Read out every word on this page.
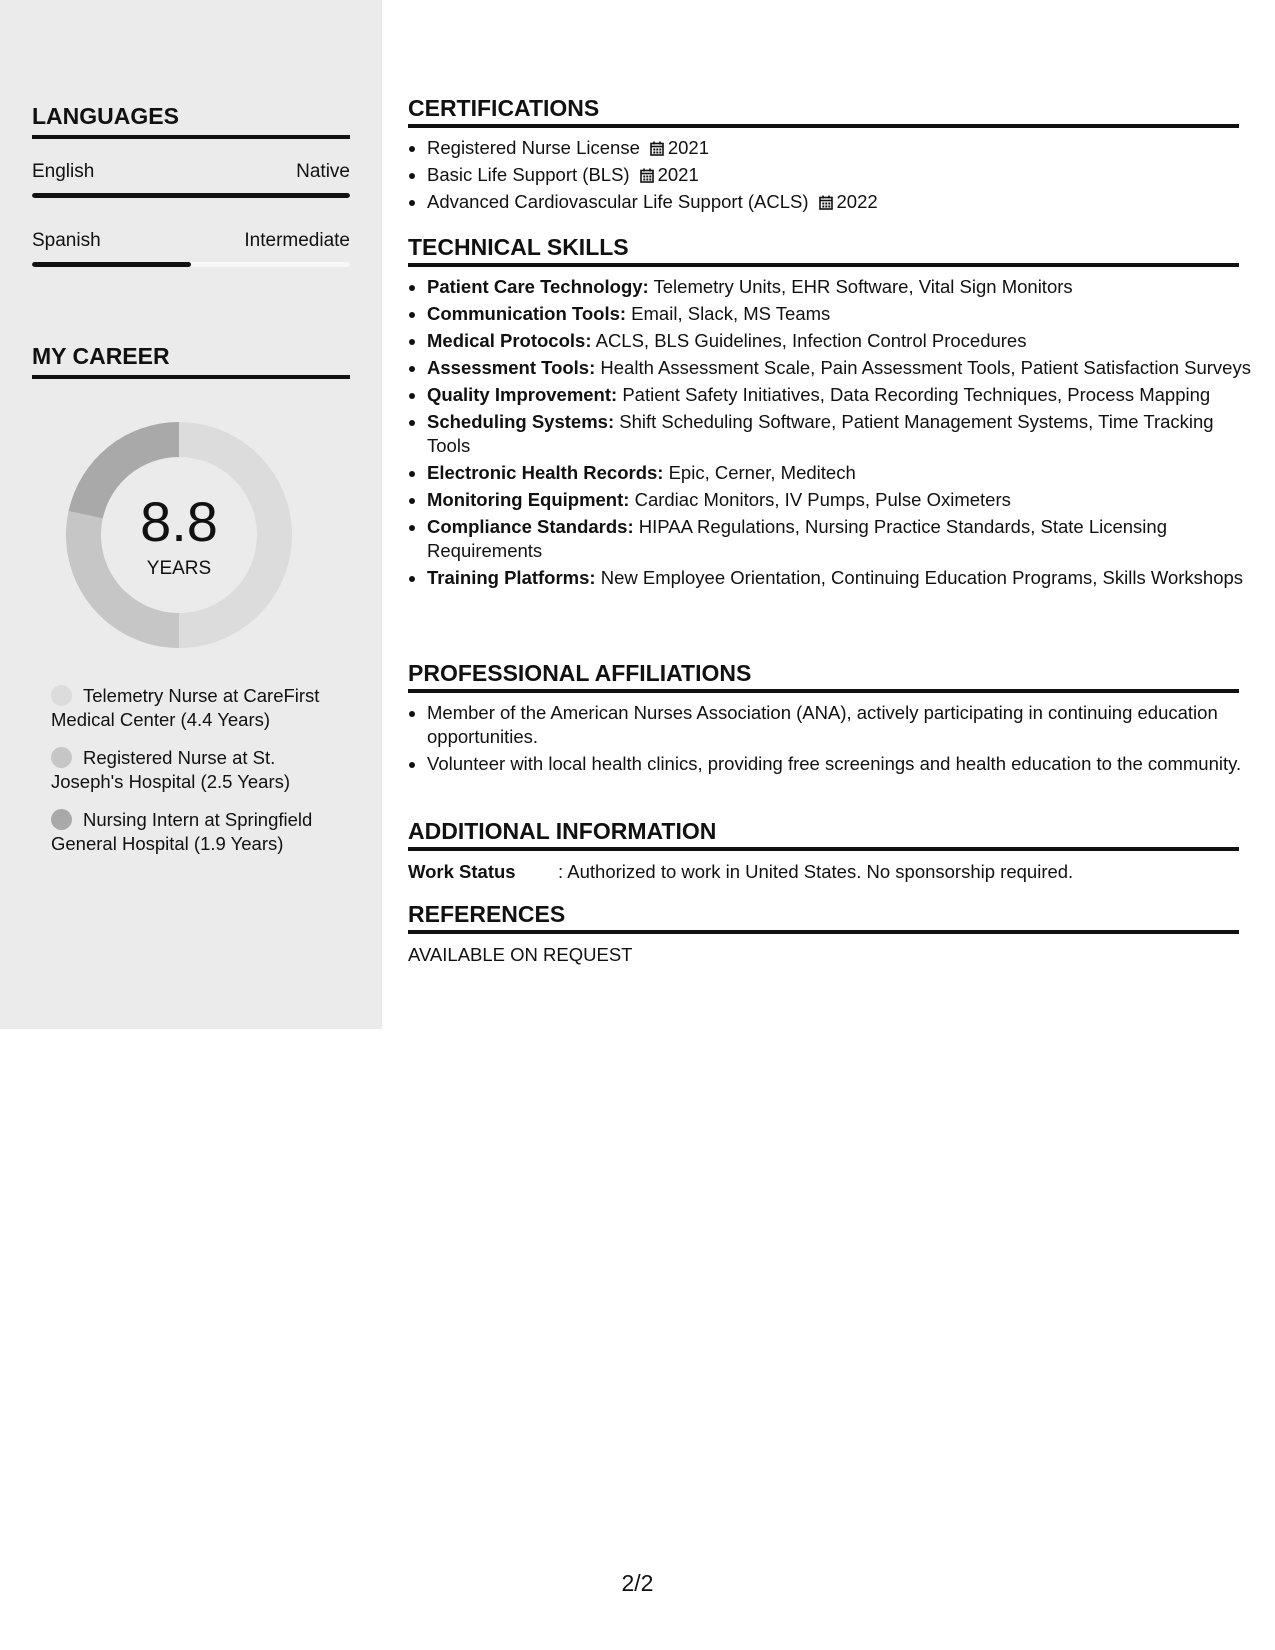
LANGUAGES
English	Native
Spanish	Intermediate
MY CAREER
8.8
YEARS
Telemetry Nurse at CareFirst Medical Center (4.4 Years)
Registered Nurse at St. Joseph's Hospital (2.5 Years)
Nursing Intern at Springfield General Hospital (1.9 Years)
CERTIFICATIONS
• Registered Nurse License 2021
• Basic Life Support (BLS) 2021
• Advanced Cardiovascular Life Support (ACLS) 2022
TECHNICAL SKILLS
• Patient Care Technology: Telemetry Units, EHR Software, Vital Sign Monitors
• Communication Tools: Email, Slack, MS Teams
• Medical Protocols: ACLS, BLS Guidelines, Infection Control Procedures
• Assessment Tools: Health Assessment Scale, Pain Assessment Tools, Patient Satisfaction Surveys
• Quality Improvement: Patient Safety Initiatives, Data Recording Techniques, Process Mapping
• Scheduling Systems: Shift Scheduling Software, Patient Management Systems, Time Tracking Tools
• Electronic Health Records: Epic, Cerner, Meditech
• Monitoring Equipment: Cardiac Monitors, IV Pumps, Pulse Oximeters
• Compliance Standards: HIPAA Regulations, Nursing Practice Standards, State Licensing Requirements
• Training Platforms: New Employee Orientation, Continuing Education Programs, Skills Workshops
PROFESSIONAL AFFILIATIONS
• Member of the American Nurses Association (ANA), actively participating in continuing education opportunities.
• Volunteer with local health clinics, providing free screenings and health education to the community.
ADDITIONAL INFORMATION
Work Status : Authorized to work in United States. No sponsorship required.
REFERENCES
AVAILABLE ON REQUEST
2/2
